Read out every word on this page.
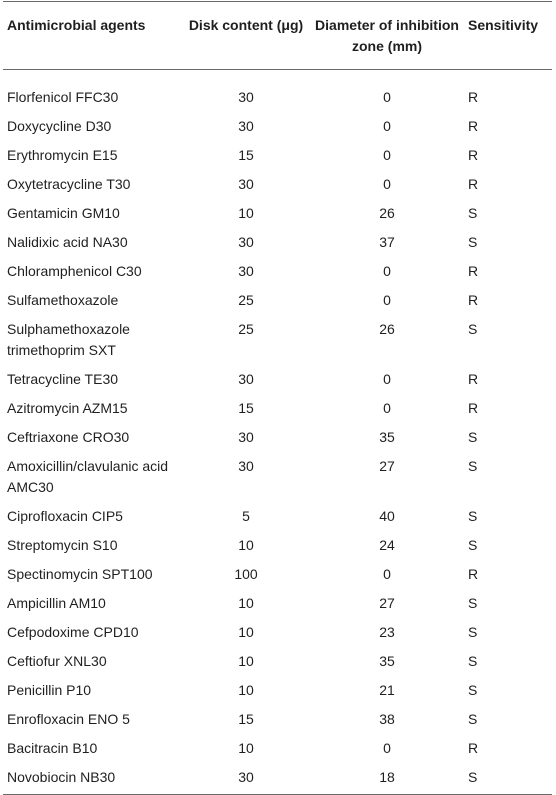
Antimicrobial agents	Disk content (μg)	Diameter of inhibition zone (mm)	Sensitivity
Florfenicol FFC30	30	0	R
Doxycycline D30	30	0	R
Erythromycin E15	15	0	R
Oxytetracycline T30	30	0	R
Gentamicin GM10	10	26	S
Nalidixic acid NA30	30	37	S
Chloramphenicol C30	30	0	R
Sulfamethoxazole	25	0	R
Sulphamethoxazole trimethoprim SXT	25	26	S
Tetracycline TE30	30	0	R
Azitromycin AZM15	15	0	R
Ceftriaxone CRO30	30	35	S
Amoxicillin/clavulanic acid AMC30	30	27	S
Ciprofloxacin CIP5	5	40	S
Streptomycin S10	10	24	S
Spectinomycin SPT100	100	0	R
Ampicillin AM10	10	27	S
Cefpodoxime CPD10	10	23	S
Ceftiofur XNL30	10	35	S
Penicillin P10	10	21	S
Enrofloxacin ENO 5	15	38	S
Bacitracin B10	10	0	R
Novobiocin NB30	30	18	S
